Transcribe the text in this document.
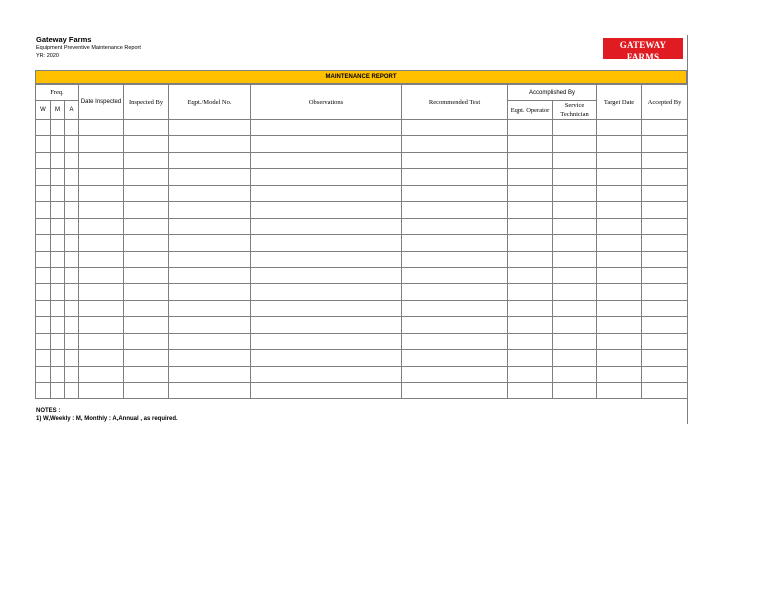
Gateway Farms
Equipment Preventive Maintenance Report
YR: 2020
GATEWAY FARMS
Chicken Dressing Plant
MAINTENANCE REPORT
Freq.			Date Inspected	Inspected By	Eqpt./Model No.	Observations	Recommended Test	Accomplished By		Target Date	Accepted By
W	M	A						Eqpt. Operator	Service Technician		

NOTES :
1) W,Weekly : M, Monthly : A,Annual , as required.
